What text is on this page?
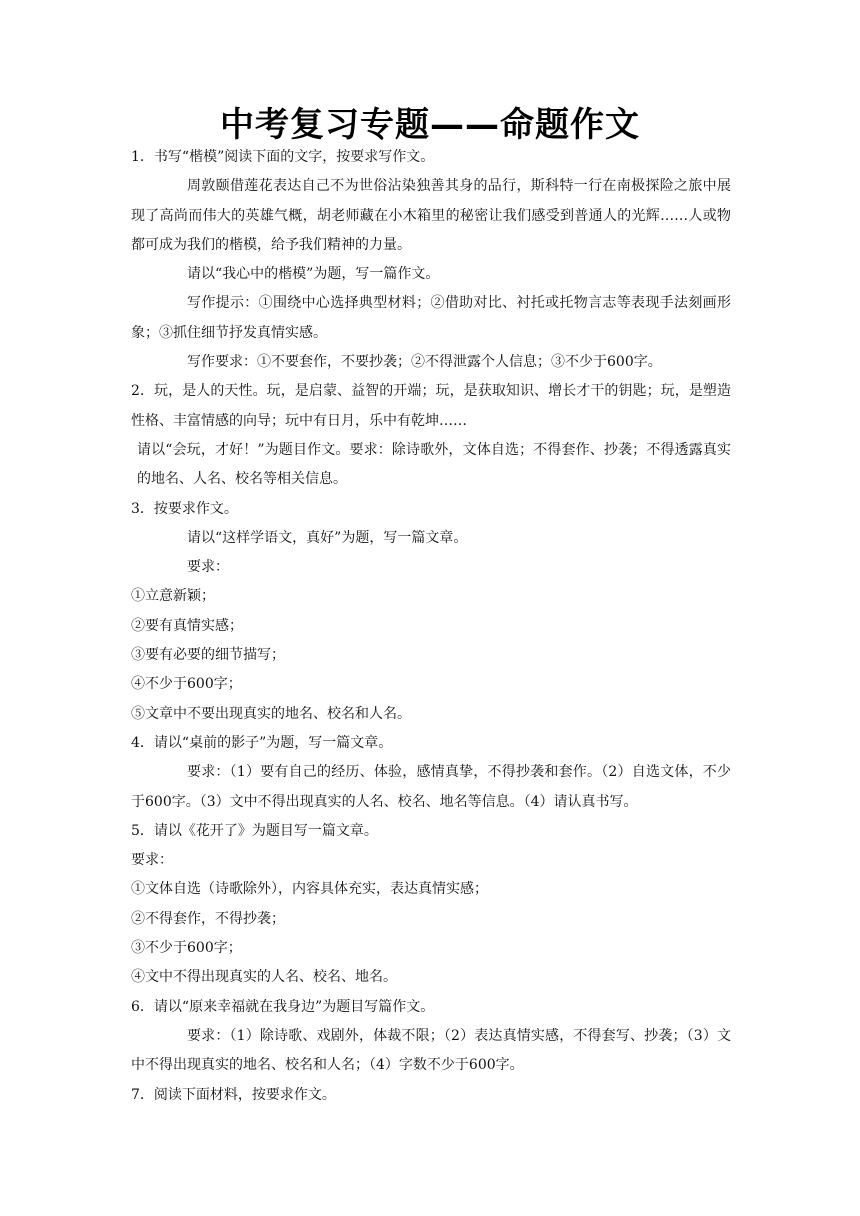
中考复习专题——命题作文

1．书写“楷模”阅读下面的文字，按要求写作文。

周敦颐借莲花表达自己不为世俗沾染独善其身的品行，斯科特一行在南极探险之旅中展现了高尚而伟大的英雄气概，胡老师藏在小木箱里的秘密让我们感受到普通人的光辉……人或物都可成为我们的楷模，给予我们精神的力量。

请以“我心中的楷模”为题，写一篇作文。

写作提示：①围绕中心选择典型材料；②借助对比、衬托或托物言志等表现手法刻画形象；③抓住细节抒发真情实感。

写作要求：①不要套作，不要抄袭；②不得泄露个人信息；③不少于600字。

2．玩，是人的天性。玩，是启蒙、益智的开端；玩，是获取知识、增长才干的钥匙；玩，是塑造性格、丰富情感的向导；玩中有日月，乐中有乾坤……

请以“会玩，才好！”为题目作文。要求：除诗歌外，文体自选；不得套作、抄袭；不得透露真实的地名、人名、校名等相关信息。

3．按要求作文。

请以“这样学语文，真好”为题，写一篇文章。

要求：

①立意新颖；

②要有真情实感；

③要有必要的细节描写；

④不少于600字；

⑤文章中不要出现真实的地名、校名和人名。

4．请以“桌前的影子”为题，写一篇文章。

要求：（1）要有自己的经历、体验，感情真挚，不得抄袭和套作。（2）自选文体，不少于600字。（3）文中不得出现真实的人名、校名、地名等信息。（4）请认真书写。

5．请以《花开了》为题目写一篇文章。

要求：

①文体自选（诗歌除外），内容具体充实，表达真情实感；

②不得套作，不得抄袭；

③不少于600字；

④文中不得出现真实的人名、校名、地名。

6．请以“原来幸福就在我身边”为题目写篇作文。

要求：（1）除诗歌、戏剧外，体裁不限；（2）表达真情实感，不得套写、抄袭；（3）文中不得出现真实的地名、校名和人名；（4）字数不少于600字。

7．阅读下面材料，按要求作文。
